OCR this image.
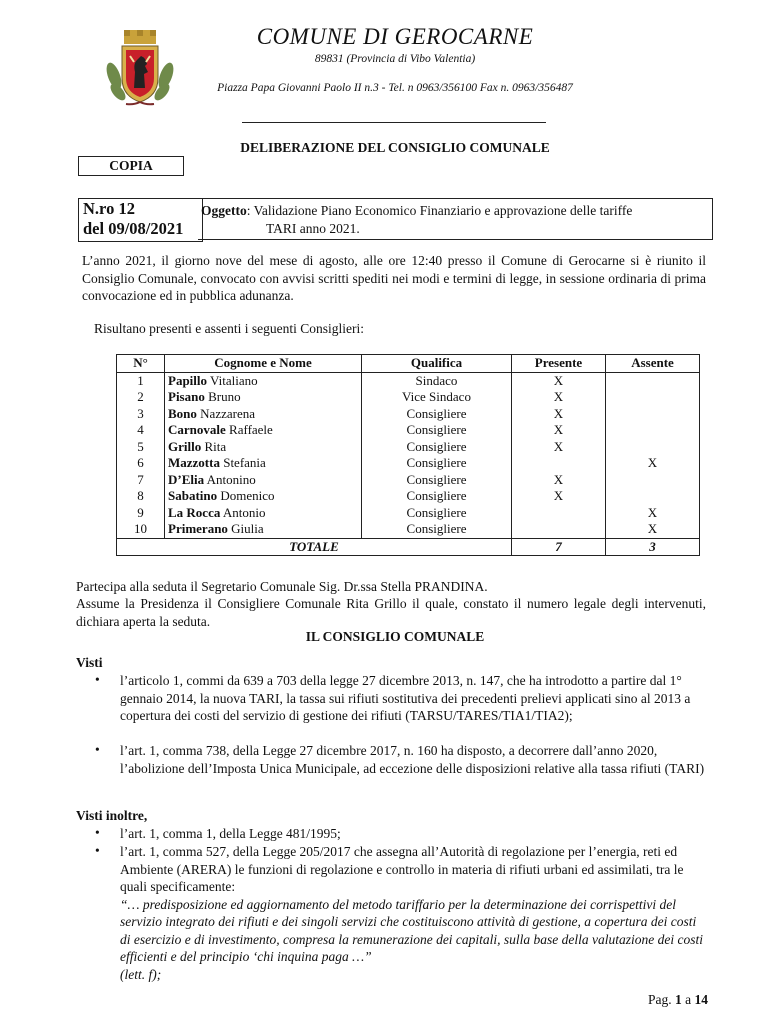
COMUNE DI GEROCARNE
89831 (Provincia di Vibo Valentia)
Piazza Papa Giovanni Paolo II n.3 - Tel. n 0963/356100 Fax n. 0963/356487
DELIBERAZIONE DEL CONSIGLIO COMUNALE
COPIA
N.ro 12
del 09/08/2021
Oggetto: Validazione Piano Economico Finanziario e approvazione delle tariffe
TARI anno 2021.
L’anno 2021, il giorno nove del mese di agosto, alle ore 12:40 presso il Comune di Gerocarne si è riunito il Consiglio Comunale, convocato con avvisi scritti spediti nei modi e termini di legge, in sessione ordinaria di prima convocazione ed in pubblica adunanza.
Risultano presenti e assenti i seguenti Consiglieri:
N°	Cognome e Nome	Qualifica	Presente	Assente
1	Papillo Vitaliano	Sindaco	X	
2	Pisano Bruno	Vice Sindaco	X	
3	Bono Nazzarena	Consigliere	X	
4	Carnovale Raffaele	Consigliere	X	
5	Grillo Rita	Consigliere	X	
6	Mazzotta Stefania	Consigliere		X
7	D’Elia Antonino	Consigliere	X	
8	Sabatino Domenico	Consigliere	X	
9	La Rocca Antonio	Consigliere		X
10	Primerano Giulia	Consigliere		X
TOTALE			7	3
Partecipa alla seduta il Segretario Comunale Sig. Dr.ssa Stella PRANDINA.
Assume la Presidenza il Consigliere Comunale Rita Grillo il quale, constato il numero legale degli intervenuti, dichiara aperta la seduta.
IL CONSIGLIO COMUNALE
Visti
• l’articolo 1, commi da 639 a 703 della legge 27 dicembre 2013, n. 147, che ha introdotto a partire dal 1° gennaio 2014, la nuova TARI, la tassa sui rifiuti sostitutiva dei precedenti prelievi applicati sino al 2013 a copertura dei costi del servizio di gestione dei rifiuti (TARSU/TARES/TIA1/TIA2);
• l’art. 1, comma 738, della Legge 27 dicembre 2017, n. 160 ha disposto, a decorrere dall’anno 2020, l’abolizione dell’Imposta Unica Municipale, ad eccezione delle disposizioni relative alla tassa rifiuti (TARI)
Visti inoltre,
• l’art. 1, comma 1, della Legge 481/1995;
• l’art. 1, comma 527, della Legge 205/2017 che assegna all’Autorità di regolazione per l’energia, reti ed Ambiente (ARERA) le funzioni di regolazione e controllo in materia di rifiuti urbani ed assimilati, tra le quali specificamente:
“… predisposizione ed aggiornamento del metodo tariffario per la determinazione dei corrispettivi del servizio integrato dei rifiuti e dei singoli servizi che costituiscono attività di gestione, a copertura dei costi di esercizio e di investimento, compresa la remunerazione dei capitali, sulla base della valutazione dei costi efficienti e del principio ‘chi inquina paga …”
(lett. f);
Pag. 1 a 14
